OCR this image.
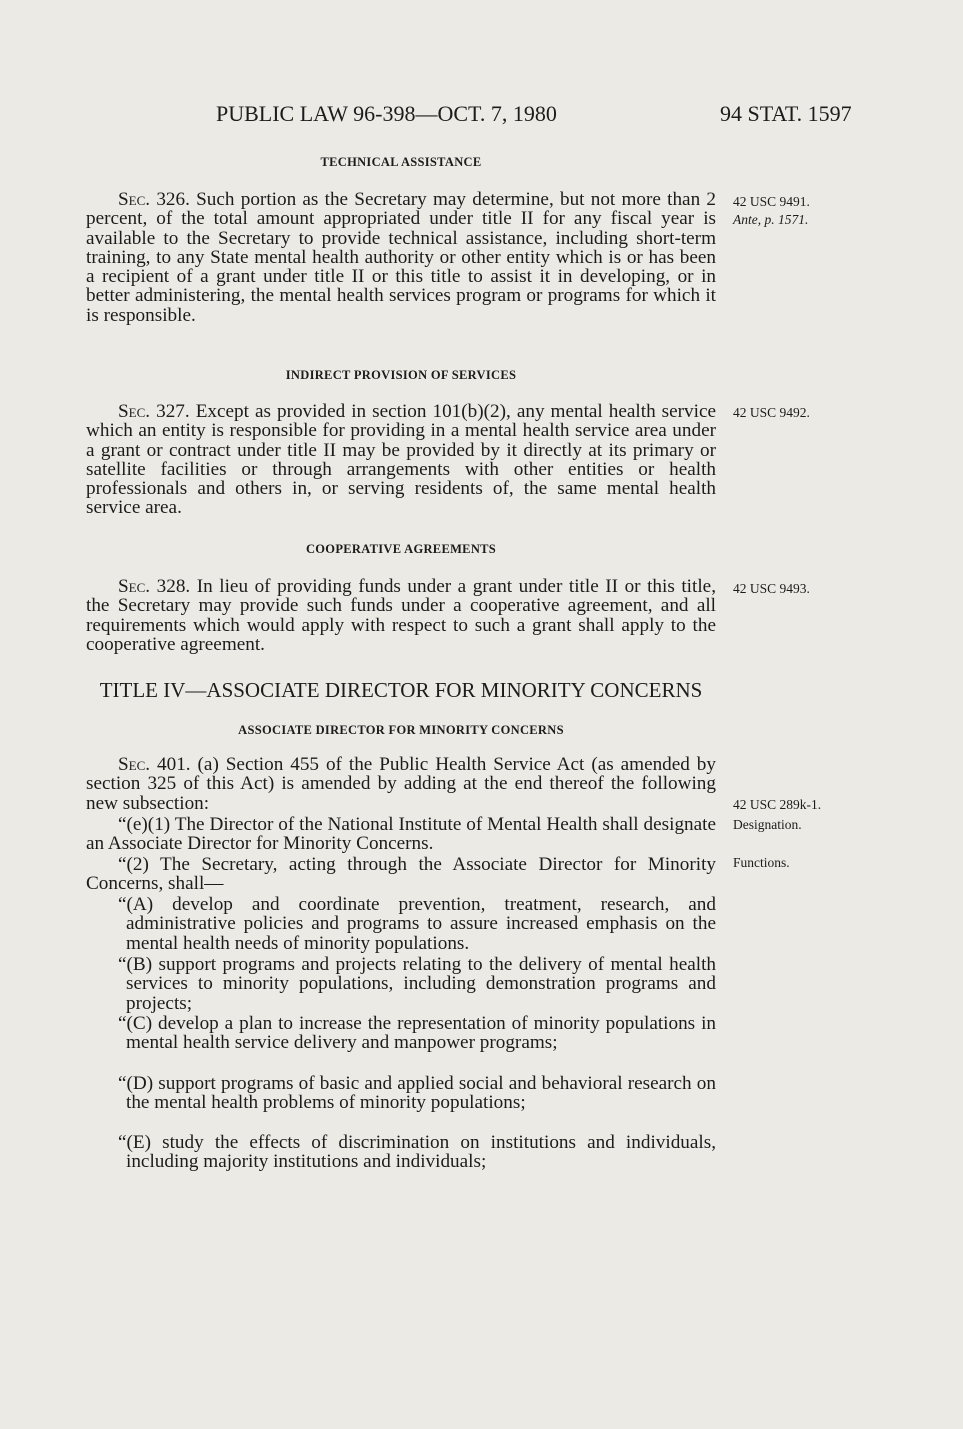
PUBLIC LAW 96-398—OCT. 7, 1980	94 STAT. 1597
TECHNICAL ASSISTANCE
Sec. 326. Such portion as the Secretary may determine, but not more than 2 percent, of the total amount appropriated under title II for any fiscal year is available to the Secretary to provide technical assistance, including short-term training, to any State mental health authority or other entity which is or has been a recipient of a grant under title II or this title to assist it in developing, or in better administering, the mental health services program or programs for which it is responsible.
42 USC 9491.
Ante, p. 1571.
INDIRECT PROVISION OF SERVICES
Sec. 327. Except as provided in section 101(b)(2), any mental health service which an entity is responsible for providing in a mental health service area under a grant or contract under title II may be provided by it directly at its primary or satellite facilities or through arrangements with other entities or health professionals and others in, or serving residents of, the same mental health service area.
42 USC 9492.
COOPERATIVE AGREEMENTS
Sec. 328. In lieu of providing funds under a grant under title II or this title, the Secretary may provide such funds under a cooperative agreement, and all requirements which would apply with respect to such a grant shall apply to the cooperative agreement.
42 USC 9493.
TITLE IV—ASSOCIATE DIRECTOR FOR MINORITY CONCERNS
ASSOCIATE DIRECTOR FOR MINORITY CONCERNS
Sec. 401. (a) Section 455 of the Public Health Service Act (as amended by section 325 of this Act) is amended by adding at the end thereof the following new subsection:	42 USC 289k-1.
“(e)(1) The Director of the National Institute of Mental Health shall designate an Associate Director for Minority Concerns.
Designation.
“(2) The Secretary, acting through the Associate Director for Minority Concerns, shall—
Functions.
“(A) develop and coordinate prevention, treatment, research, and administrative policies and programs to assure increased emphasis on the mental health needs of minority populations.
“(B) support programs and projects relating to the delivery of mental health services to minority populations, including demonstration programs and projects;
“(C) develop a plan to increase the representation of minority populations in mental health service delivery and manpower programs;
“(D) support programs of basic and applied social and behavioral research on the mental health problems of minority populations;
“(E) study the effects of discrimination on institutions and individuals, including majority institutions and individuals;
